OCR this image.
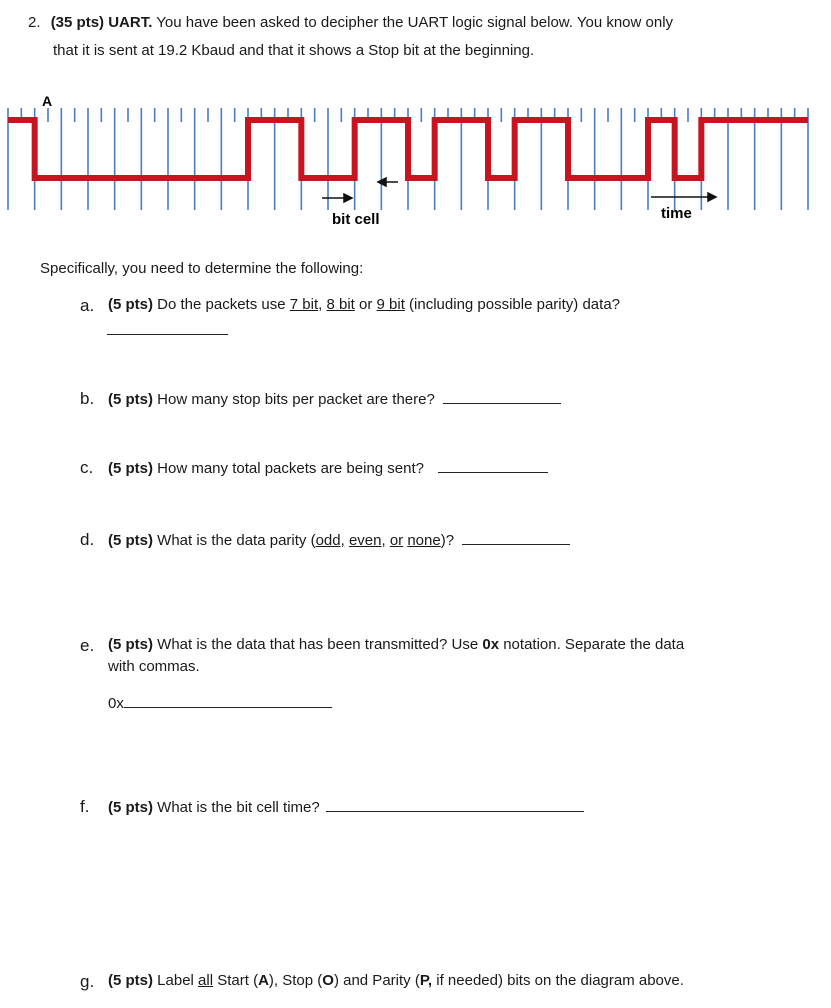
2. (35 pts) UART. You have been asked to decipher the UART logic signal below. You know only
that it is sent at 19.2 Kbaud and that it shows a Stop bit at the beginning.
A
bit cell	time
Specifically, you need to determine the following:
a. (5 pts) Do the packets use 7 bit, 8 bit or 9 bit (including possible parity) data?
b. (5 pts) How many stop bits per packet are there?
c. (5 pts) How many total packets are being sent?
d. (5 pts) What is the data parity (odd, even, or none)?
e. (5 pts) What is the data that has been transmitted? Use 0x notation. Separate the data
with commas.
0x
f. (5 pts) What is the bit cell time?
g. (5 pts) Label all Start (A), Stop (O) and Parity (P, if needed) bits on the diagram above.
